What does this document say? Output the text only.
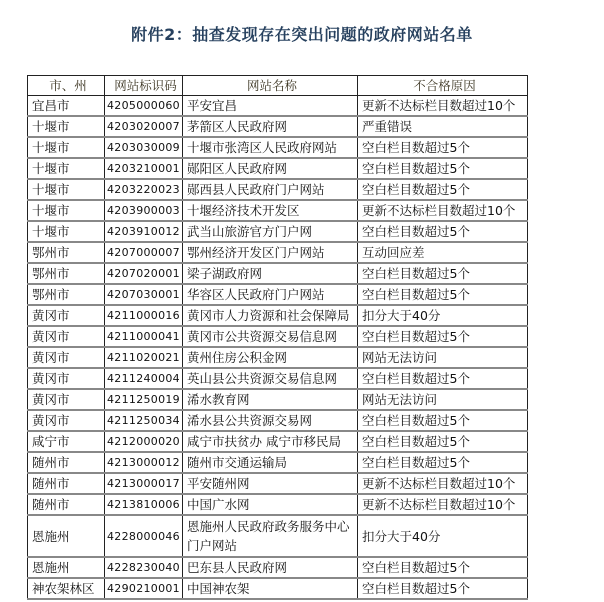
附件2：抽查发现存在突出问题的政府网站名单
市、州	网站标识码	网站名称	不合格原因
宜昌市	4205000060	平安宜昌	更新不达标栏目数超过10个
十堰市	4203020007	茅箭区人民政府网	严重错误
十堰市	4203030009	十堰市张湾区人民政府网站	空白栏目数超过5个
十堰市	4203210001	郧阳区人民政府网	空白栏目数超过5个
十堰市	4203220023	郧西县人民政府门户网站	空白栏目数超过5个
十堰市	4203900003	十堰经济技术开发区	更新不达标栏目数超过10个
十堰市	4203910012	武当山旅游官方门户网	空白栏目数超过5个
鄂州市	4207000007	鄂州经济开发区门户网站	互动回应差
鄂州市	4207020001	梁子湖政府网	空白栏目数超过5个
鄂州市	4207030001	华容区人民政府门户网站	空白栏目数超过5个
黄冈市	4211000016	黄冈市人力资源和社会保障局	扣分大于40分
黄冈市	4211000041	黄冈市公共资源交易信息网	空白栏目数超过5个
黄冈市	4211020021	黄州住房公积金网	网站无法访问
黄冈市	4211240004	英山县公共资源交易信息网	空白栏目数超过5个
黄冈市	4211250019	浠水教育网	网站无法访问
黄冈市	4211250034	浠水县公共资源交易网	空白栏目数超过5个
咸宁市	4212000020	咸宁市扶贫办 咸宁市移民局	空白栏目数超过5个
随州市	4213000012	随州市交通运输局	空白栏目数超过5个
随州市	4213000017	平安随州网	更新不达标栏目数超过10个
随州市	4213810006	中国广水网	更新不达标栏目数超过10个
恩施州	4228000046	恩施州人民政府政务服务中心门户网站	扣分大于40分
恩施州	4228230040	巴东县人民政府网	空白栏目数超过5个
神农架林区	4290210001	中国神农架	空白栏目数超过5个
